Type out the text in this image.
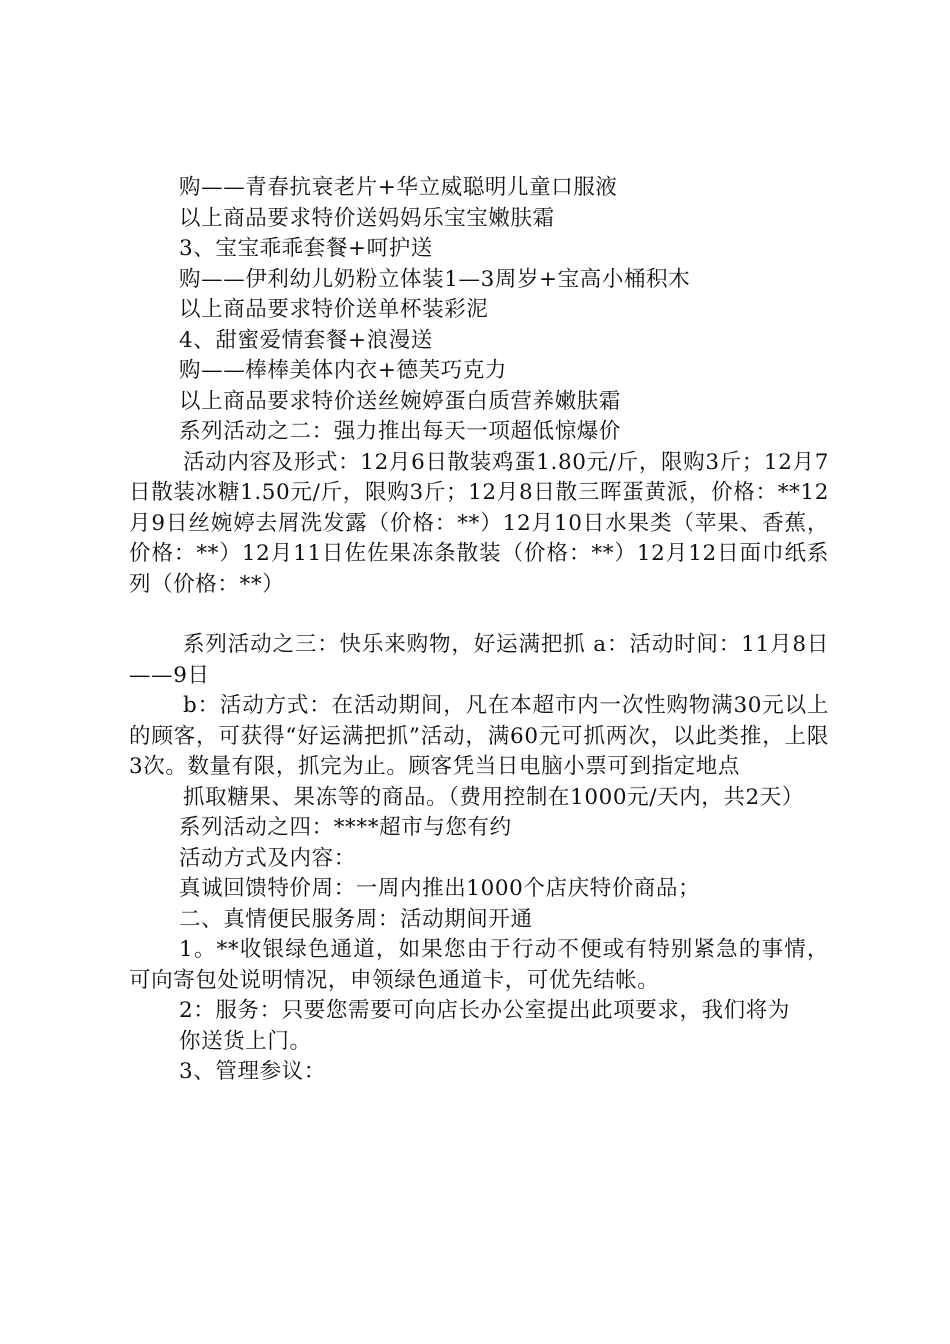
购——青春抗衰老片+华立威聪明儿童口服液

以上商品要求特价送妈妈乐宝宝嫩肤霜

3、宝宝乖乖套餐+呵护送

购——伊利幼儿奶粉立体装1—3周岁+宝高小桶积木

以上商品要求特价送单杯装彩泥

4、甜蜜爱情套餐+浪漫送

购——棒棒美体内衣+德芙巧克力

以上商品要求特价送丝婉婷蛋白质营养嫩肤霜

系列活动之二：强力推出每天一项超低惊爆价

活动内容及形式：12月6日散装鸡蛋1.80元/斤，限购3斤；12月7日散装冰糖1.50元/斤，限购3斤；12月8日散三晖蛋黄派，价格：**12月9日丝婉婷去屑洗发露（价格：**）12月10日水果类（苹果、香蕉，价格：**）12月11日佐佐果冻条散装（价格：**）12月12日面巾纸系列（价格：**）

系列活动之三：快乐来购物，好运满把抓 a：活动时间：11月8日——9日

b：活动方式：在活动期间，凡在本超市内一次性购物满30元以上的顾客，可获得“好运满把抓”活动，满60元可抓两次，以此类推，上限3次。数量有限，抓完为止。顾客凭当日电脑小票可到指定地点

抓取糖果、果冻等的商品。（费用控制在1000元/天内，共2天）

系列活动之四：****超市与您有约

活动方式及内容：

真诚回馈特价周：一周内推出1000个店庆特价商品；

二、真情便民服务周：活动期间开通

1。**收银绿色通道，如果您由于行动不便或有特别紧急的事情，可向寄包处说明情况，申领绿色通道卡，可优先结帐。

2：服务：只要您需要可向店长办公室提出此项要求，我们将为

你送货上门。

3、管理参议：
